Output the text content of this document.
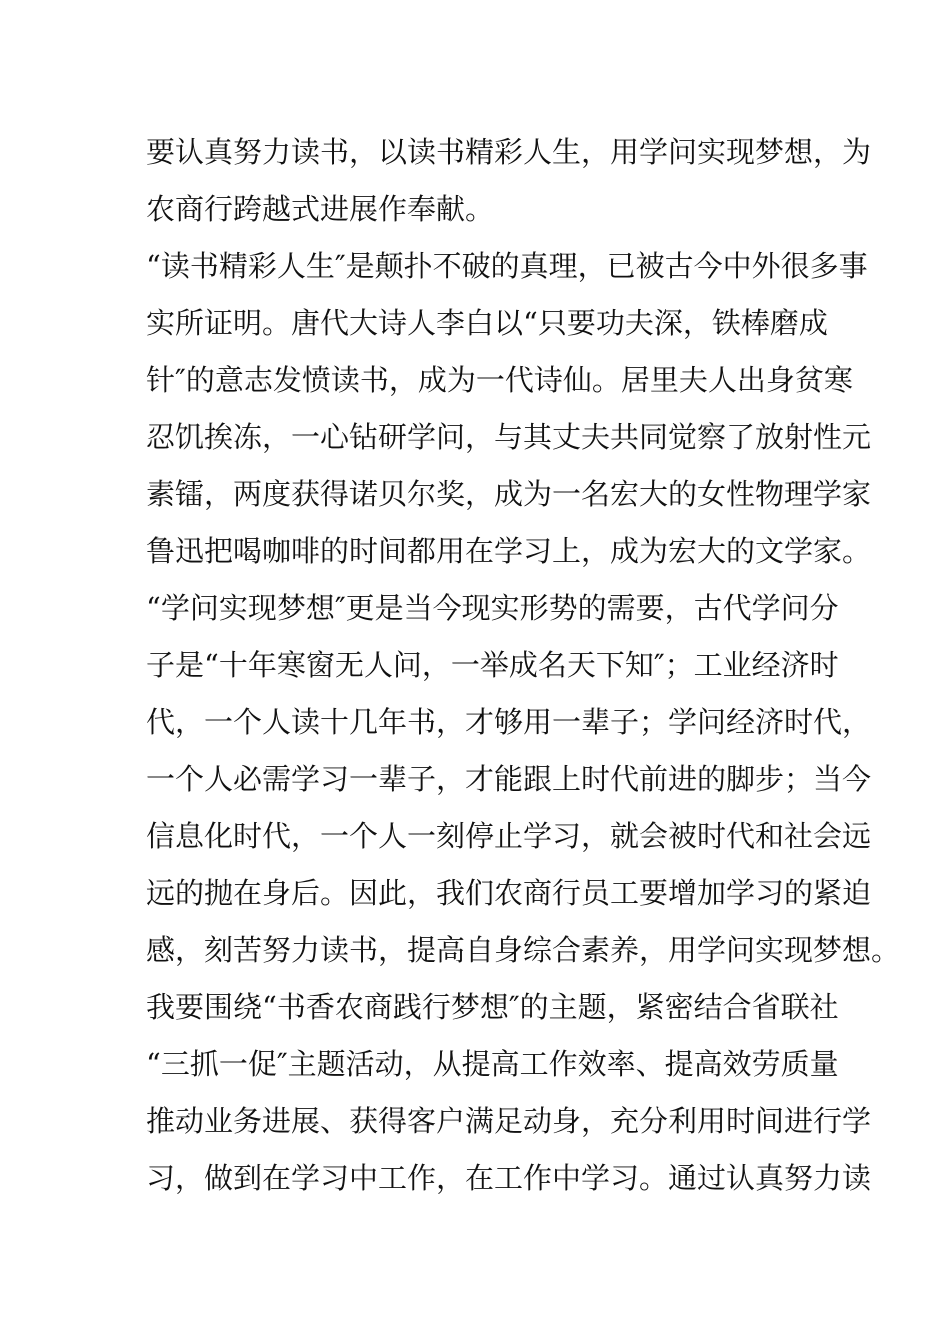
要认真努力读书，以读书精彩人生，用学问实现梦想，为
农商行跨越式进展作奉献。
“读书精彩人生″是颠扑不破的真理，已被古今中外很多事
实所证明。唐代大诗人李白以“只要功夫深，铁棒磨成
针″的意志发愤读书，成为一代诗仙。居里夫人出身贫寒
忍饥挨冻，一心钻研学问，与其丈夫共同觉察了放射性元
素镭，两度获得诺贝尔奖，成为一名宏大的女性物理学家
鲁迅把喝咖啡的时间都用在学习上，成为宏大的文学家。
“学问实现梦想″更是当今现实形势的需要，古代学问分
子是“十年寒窗无人问，一举成名天下知″；工业经济时
代，一个人读十几年书，才够用一辈子；学问经济时代，
一个人必需学习一辈子，才能跟上时代前进的脚步；当今
信息化时代，一个人一刻停止学习，就会被时代和社会远
远的抛在身后。因此，我们农商行员工要增加学习的紧迫
感，刻苦努力读书，提高自身综合素养，用学问实现梦想。
我要围绕“书香农商践行梦想″的主题，紧密结合省联社
“三抓一促″主题活动，从提高工作效率、提高效劳质量
推动业务进展、获得客户满足动身，充分利用时间进行学
习，做到在学习中工作，在工作中学习。通过认真努力读
